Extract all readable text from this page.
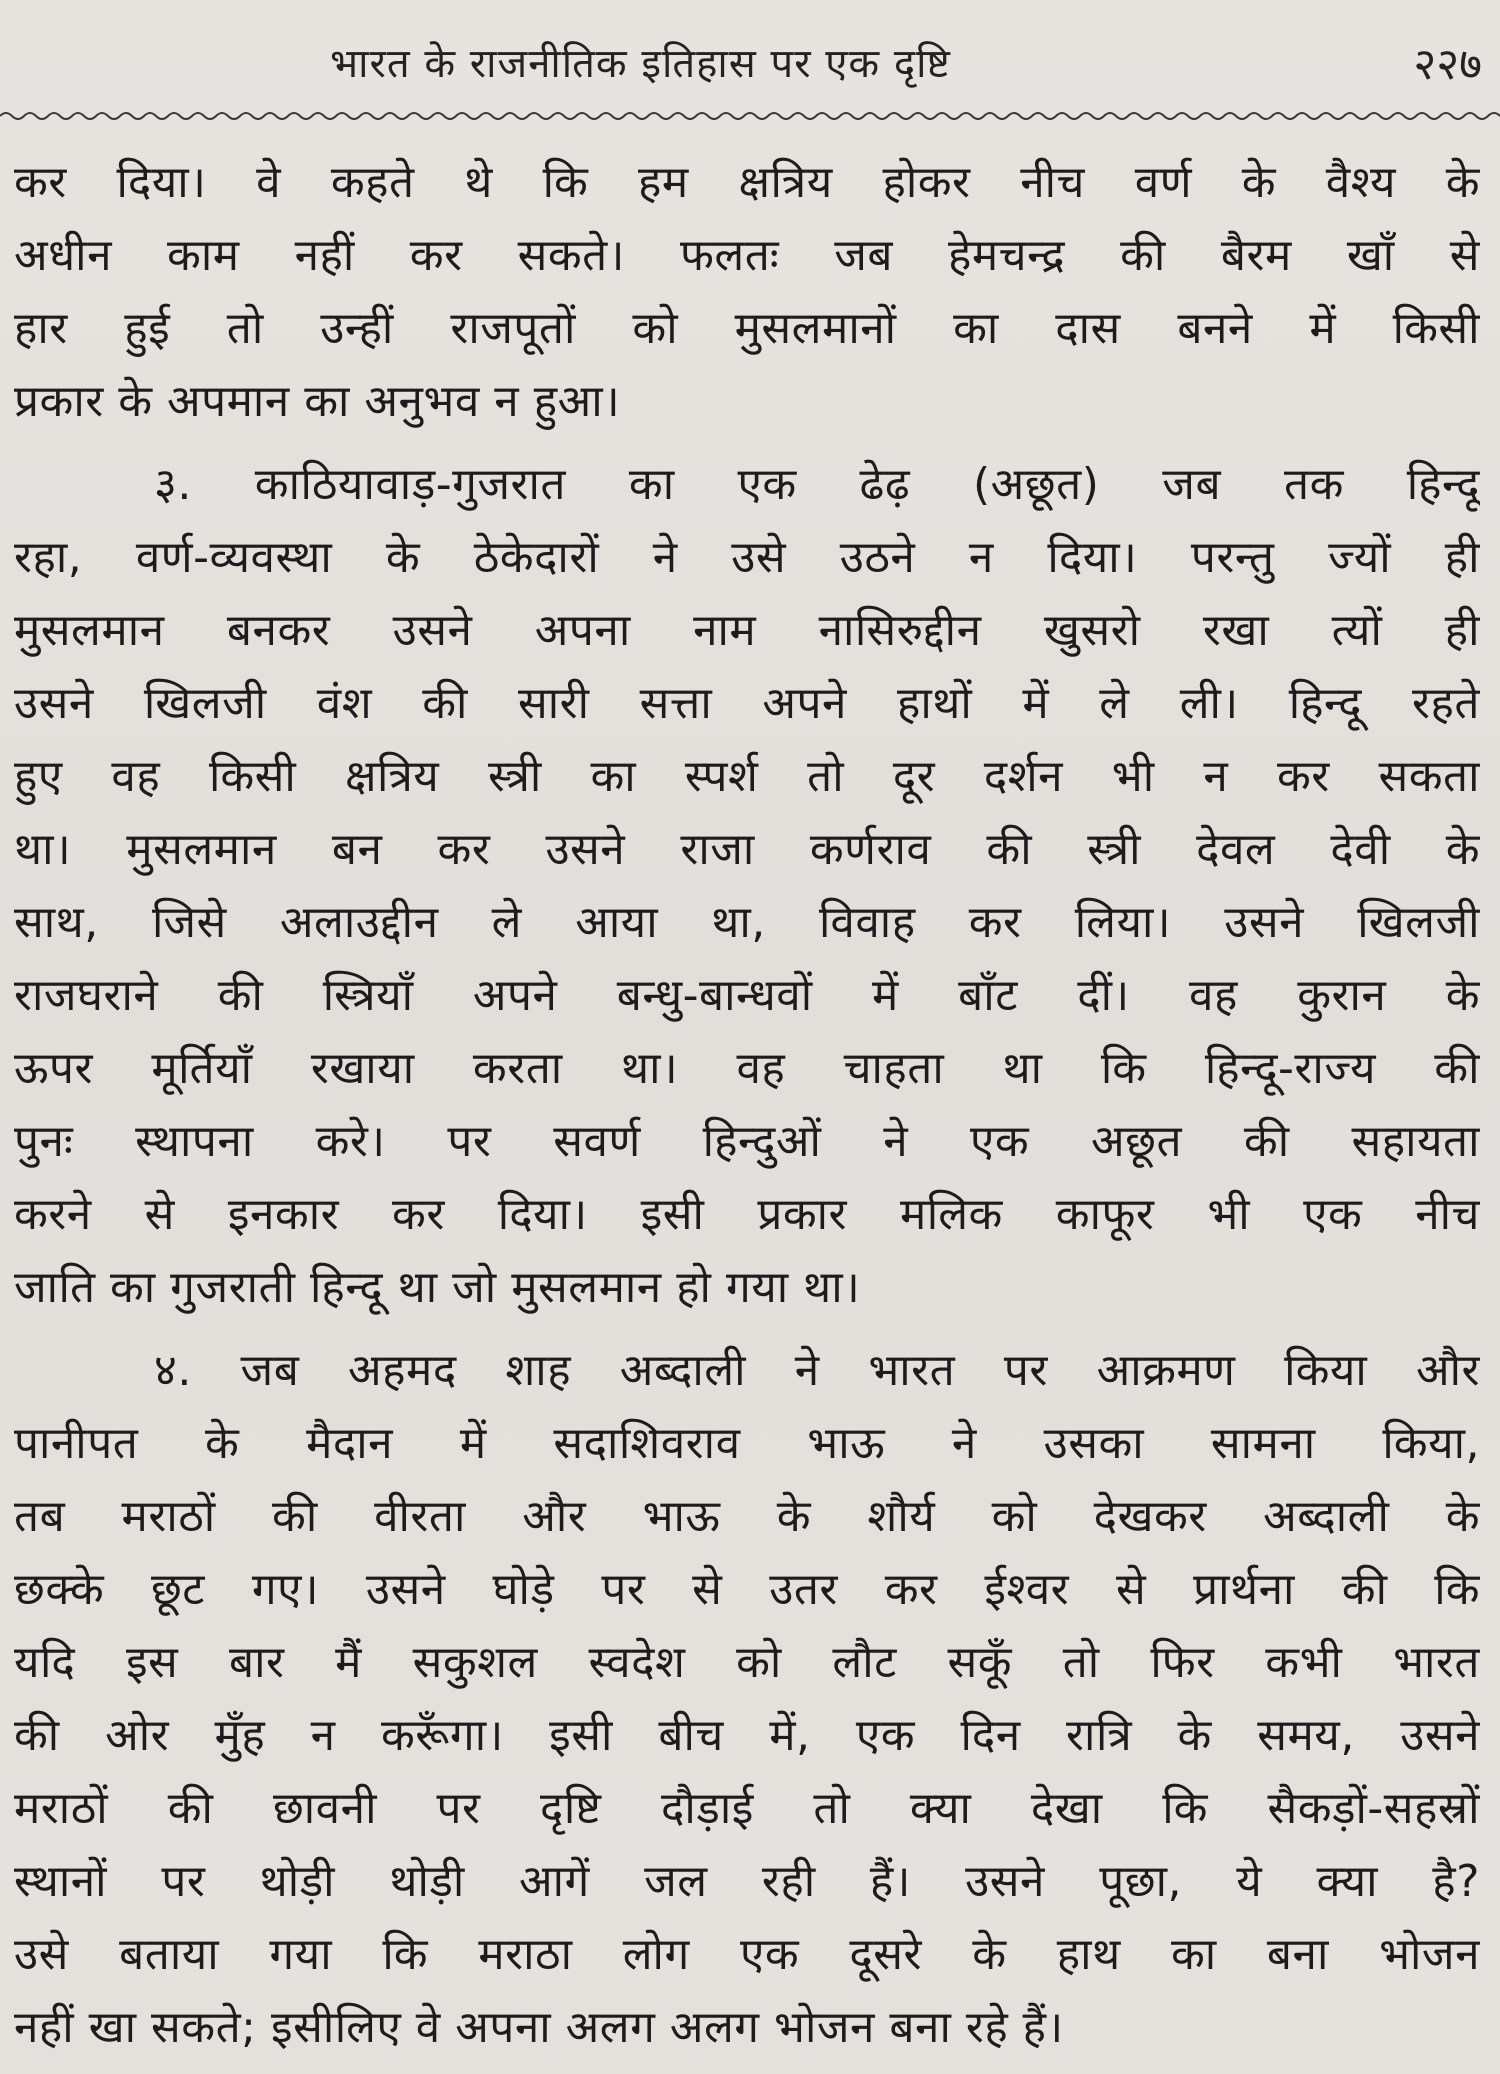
भारत के राजनीतिक इतिहास पर एक दृष्टि	२२७
कर दिया। वे कहते थे कि हम क्षत्रिय होकर नीच वर्ण के वैश्य के
अधीन काम नहीं कर सकते। फलतः जब हेमचन्द्र की बैरम खाँ से
हार हुई तो उन्हीं राजपूतों को मुसलमानों का दास बनने में किसी
प्रकार के अपमान का अनुभव न हुआ।
३. काठियावाड़-गुजरात का एक ढेढ़ (अछूत) जब तक हिन्दू
रहा, वर्ण-व्यवस्था के ठेकेदारों ने उसे उठने न दिया। परन्तु ज्यों ही
मुसलमान बनकर उसने अपना नाम नासिरुद्दीन खुसरो रखा त्यों ही
उसने खिलजी वंश की सारी सत्ता अपने हाथों में ले ली। हिन्दू रहते
हुए वह किसी क्षत्रिय स्त्री का स्पर्श तो दूर दर्शन भी न कर सकता
था। मुसलमान बन कर उसने राजा कर्णराव की स्त्री देवल देवी के
साथ, जिसे अलाउद्दीन ले आया था, विवाह कर लिया। उसने खिलजी
राजघराने की स्त्रियाँ अपने बन्धु-बान्धवों में बाँट दीं। वह कुरान के
ऊपर मूर्तियाँ रखाया करता था। वह चाहता था कि हिन्दू-राज्य की
पुनः स्थापना करे। पर सवर्ण हिन्दुओं ने एक अछूत की सहायता
करने से इनकार कर दिया। इसी प्रकार मलिक काफूर भी एक नीच
जाति का गुजराती हिन्दू था जो मुसलमान हो गया था।
४. जब अहमद शाह अब्दाली ने भारत पर आक्रमण किया और
पानीपत के मैदान में सदाशिवराव भाऊ ने उसका सामना किया,
तब मराठों की वीरता और भाऊ के शौर्य को देखकर अब्दाली के
छक्के छूट गए। उसने घोड़े पर से उतर कर ईश्वर से प्रार्थना की कि
यदि इस बार मैं सकुशल स्वदेश को लौट सकूँ तो फिर कभी भारत
की ओर मुँह न करूँगा। इसी बीच में, एक दिन रात्रि के समय, उसने
मराठों की छावनी पर दृष्टि दौड़ाई तो क्या देखा कि सैकड़ों-सहस्रों
स्थानों पर थोड़ी थोड़ी आगें जल रही हैं। उसने पूछा, ये क्या है?
उसे बताया गया कि मराठा लोग एक दूसरे के हाथ का बना भोजन
नहीं खा सकते; इसीलिए वे अपना अलग अलग भोजन बना रहे हैं।
